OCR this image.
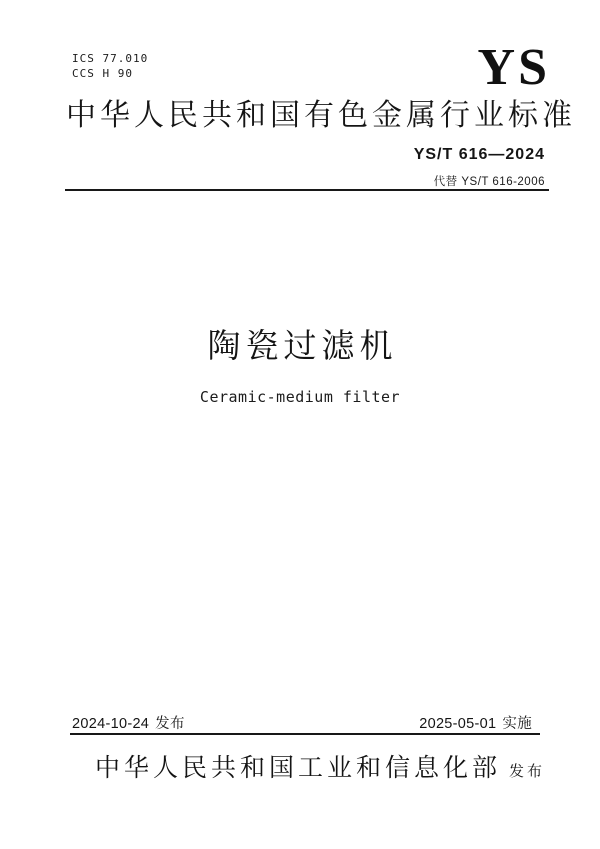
ICS 77.010
CCS H 90	YS
中华人民共和国有色金属行业标准
YS/T 616—2024
代替 YS/T 616-2006
陶瓷过滤机
Ceramic-medium filter
2024-10-24 发布	2025-05-01 实施
中华人民共和国工业和信息化部 发布
